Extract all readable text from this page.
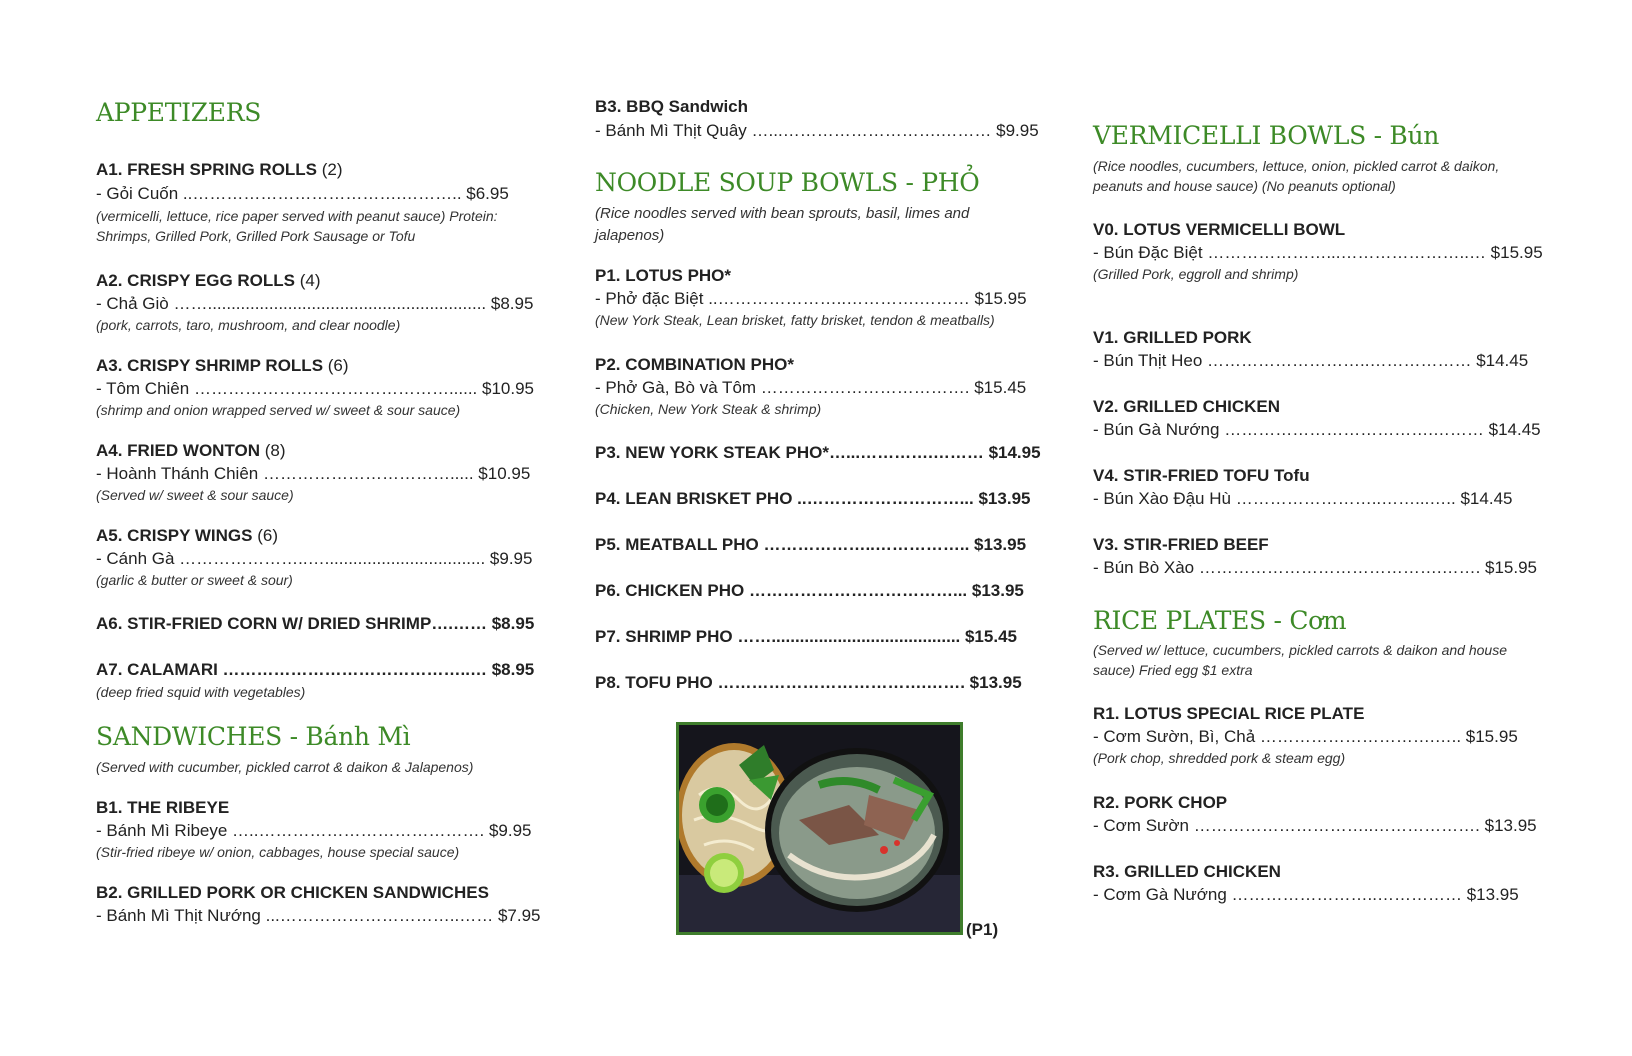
APPETIZERS
A1. FRESH SPRING ROLLS (2)
- Gỏi Cuốn ..……………………………….……….. $6.95
(vermicelli, lettuce, rice paper served with peanut sauce) Protein: Shrimps, Grilled Pork, Grilled Pork Sausage or Tofu
A2. CRISPY EGG ROLLS (4)
- Chả Giò ……........................................................... $8.95
(pork, carrots, taro, mushroom, and clear noodle)
A3. CRISPY SHRIMP ROLLS (6)
- Tôm Chiên ………………………………………...... $10.95
(shrimp and onion wrapped served w/ sweet & sour sauce)
A4. FRIED WONTON (8)
- Hoành Thánh Chiên ……………………………..... $10.95
(Served w/ sweet & sour sauce)
A5. CRISPY WINGS (6)
- Cánh Gà …………………..….................................. $9.95
(garlic & butter or sweet & sour)
A6. STIR-FRIED CORN W/ DRIED SHRIMP….…… $8.95
A7. CALAMARI ……………………………………..… $8.95
(deep fried squid with vegetables)
SANDWICHES - Bánh Mì
(Served with cucumber, pickled carrot & daikon & Jalapenos)
B1. THE RIBEYE
- Bánh Mì Ribeye …..…………………………………. $9.95
(Stir-fried ribeye w/ onion, cabbages, house special sauce)
B2. GRILLED PORK OR CHICKEN SANDWICHES
- Bánh Mì Thịt Nướng ...…………………………..…… $7.95
B3. BBQ Sandwich
- Bánh Mì Thịt Quây …...……………………….……… $9.95
NOODLE SOUP BOWLS - PHỎ
(Rice noodles served with bean sprouts, basil, limes and jalapenos)
P1. LOTUS PHO*
- Phở đặc Biệt ..…………………..………….……… $15.95
(New York Steak, Lean brisket, fatty brisket, tendon & meatballs)
P2. COMBINATION PHO*
- Phở Gà, Bò và Tôm ………………………………. $15.45
(Chicken, New York Steak & shrimp)
P3. NEW YORK STEAK PHO*…...………….……… $14.95
P4. LEAN BRISKET PHO ..………………………... $13.95
P5. MEATBALL PHO ………………..…………….. $13.95
P6. CHICKEN PHO ………………………………... $13.95
P7. SHRIMP PHO ……........................................ $15.45
P8. TOFU PHO ……………………………….……. $13.95
(P1)
VERMICELLI BOWLS - Bún
(Rice noodles, cucumbers, lettuce, onion, pickled carrot & daikon, peanuts and house sauce) (No peanuts optional)
V0. LOTUS VERMICELLI BOWL
- Bún Đặc Biệt …………………...…………………..… $15.95
(Grilled Pork, eggroll and shrimp)
V1. GRILLED PORK
- Bún Thịt Heo ………………………..……………… $14.45
V2. GRILLED CHICKEN
- Bún Gà Nướng ……………………………….……… $14.45
V4. STIR-FRIED TOFU Tofu
- Bún Xào Đậu Hù ……………………..……...….. $14.45
V3. STIR-FRIED BEEF
- Bún Bò Xào …………………………………….……. $15.95
RICE PLATES - Cơm
(Served w/ lettuce, cucumbers, pickled carrots & daikon and house sauce) Fried egg $1 extra
R1. LOTUS SPECIAL RICE PLATE
- Cơm Sườn, Bì, Chả ………………………….….. $15.95
(Pork chop, shredded pork & steam egg)
R2. PORK CHOP
- Cơm Sườn …………………………..………………. $13.95
R3. GRILLED CHICKEN
- Cơm Gà Nướng ……………………..…………… $13.95
